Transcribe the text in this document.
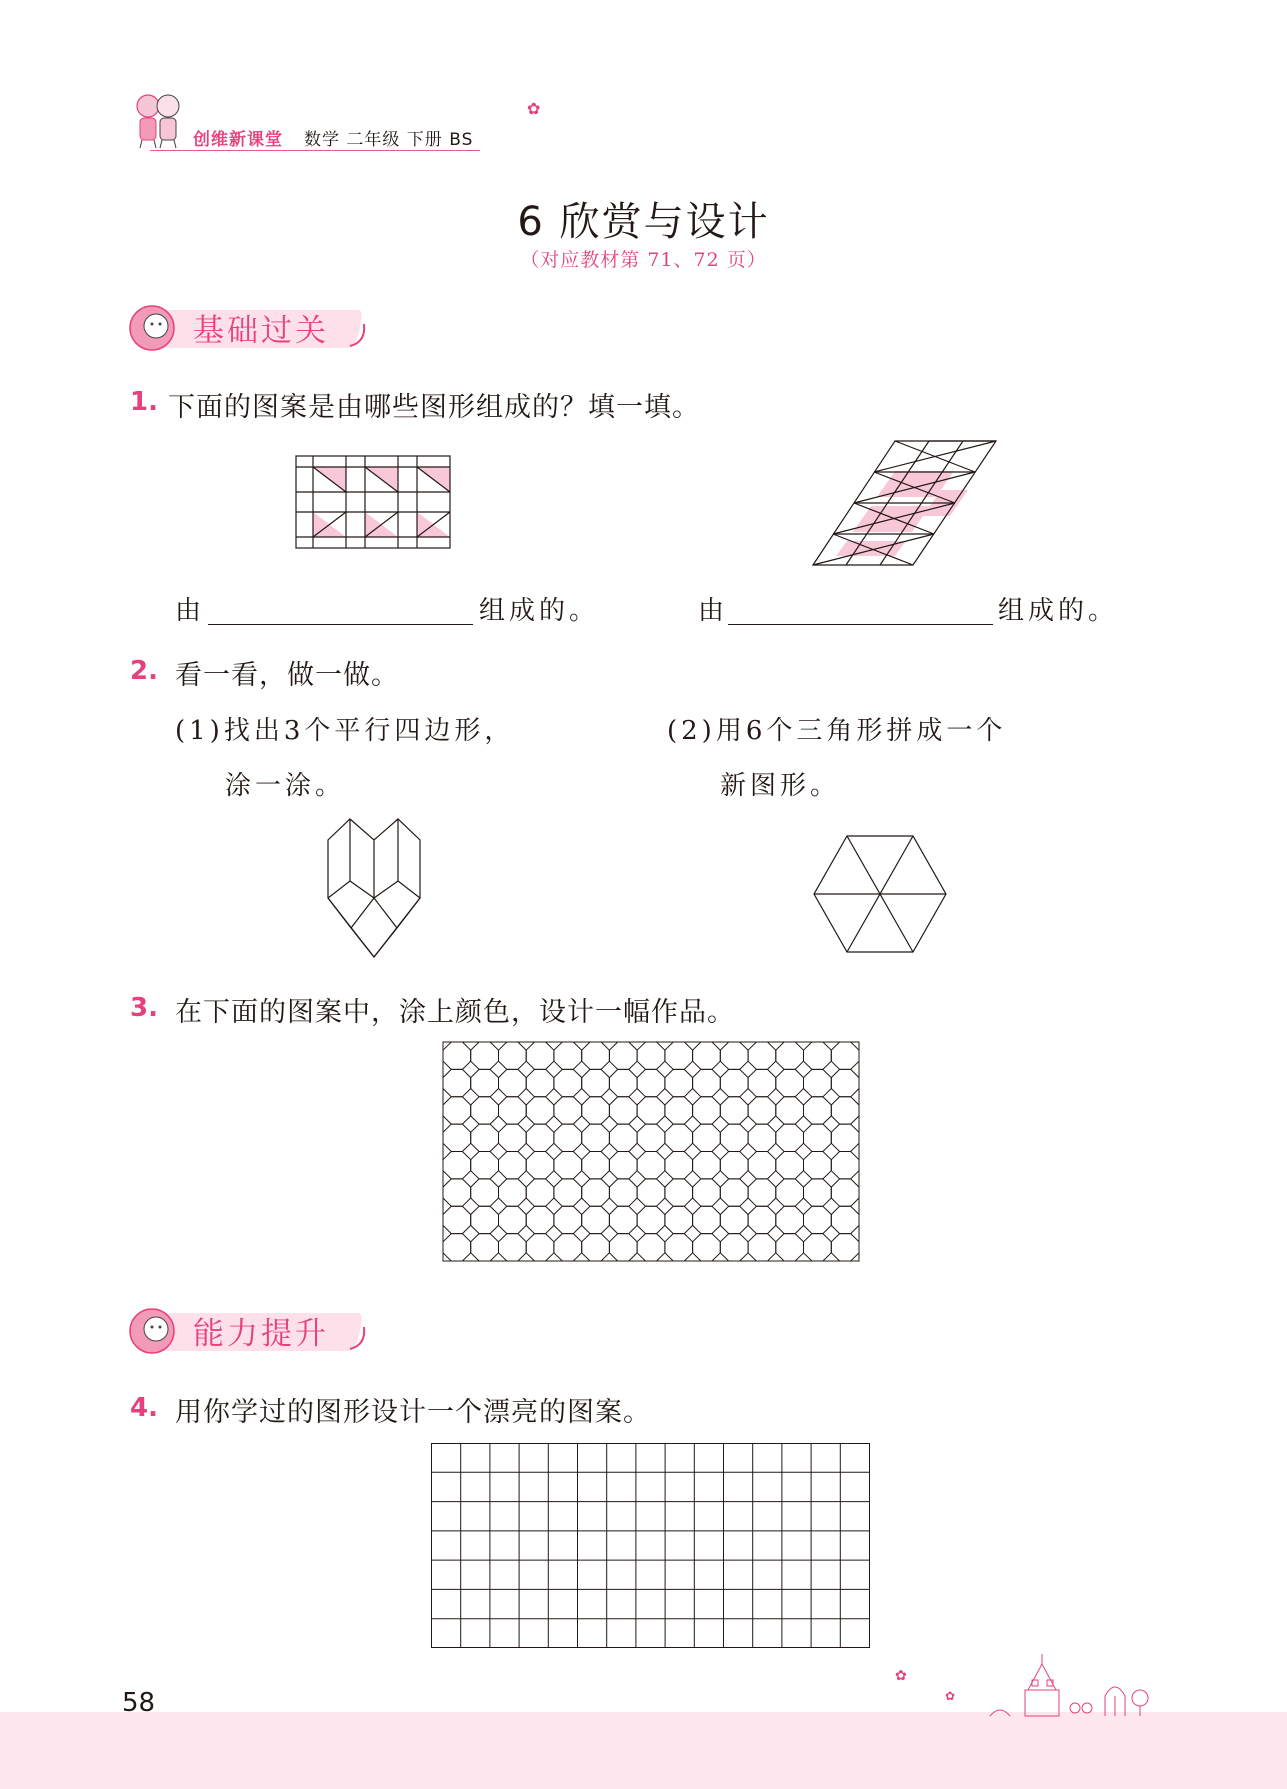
创维新课堂 数学 二年级 下册 BS
✿
6 欣赏与设计
（对应教材第 71、72 页）
基础过关
1. 下面的图案是由哪些图形组成的？填一填。
由	组成的。	由	组成的。
2. 看一看，做一做。
(1)找出3个平行四边形，
涂一涂。
(2)用6个三角形拼成一个
新图形。
3. 在下面的图案中，涂上颜色，设计一幅作品。
能力提升
4. 用你学过的图形设计一个漂亮的图案。
58
✿
✿
